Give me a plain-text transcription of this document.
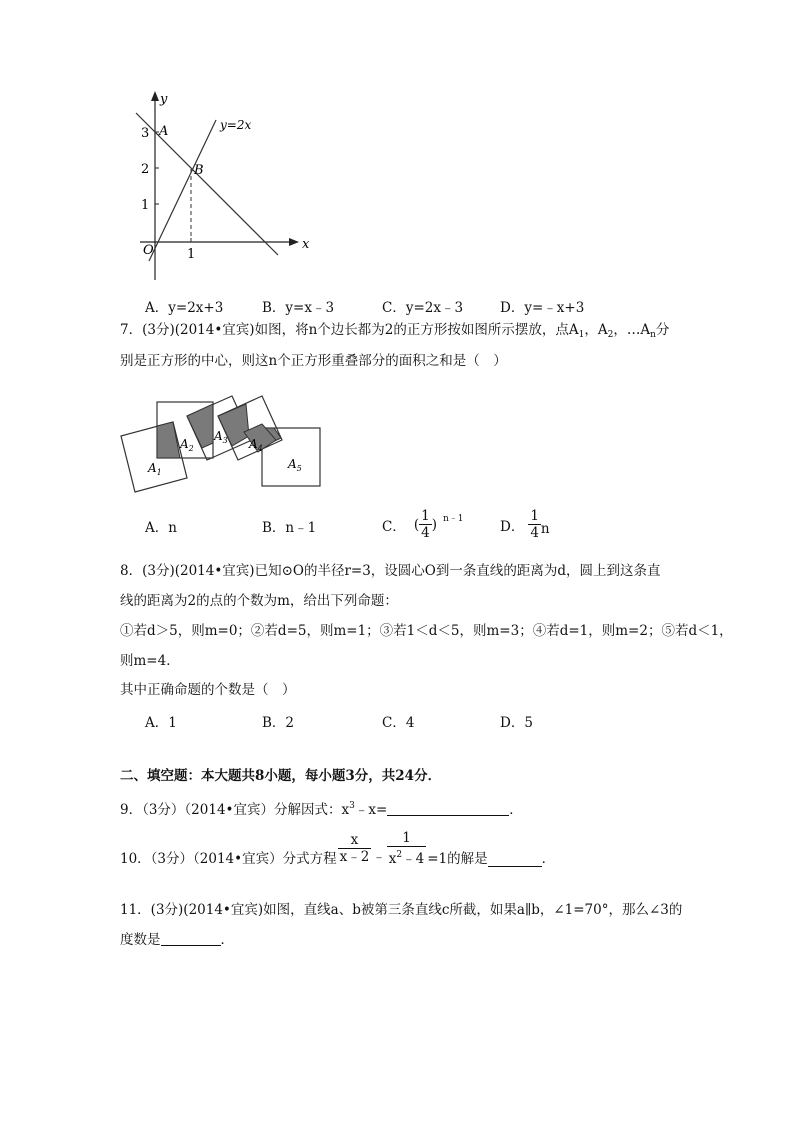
y
x
O
1
2
3
1
A
B
y=2x
A．y=2x+3	B．y=x﹣3	C．y=2x﹣3	D．y=﹣x+3
7．(3分)(2014•宜宾)如图，将n个边长都为2的正方形按如图所示摆放，点$A_1$，$A_2$，$\dots A_n$分
别是正方形的中心，则这n个正方形重叠部分的面积之和是（　）
$A_1$
$A_2$
$A_3$ $A_4$
$A_5$
A．n	B．n﹣1	C． ( $\frac{1}{4}$ ) n﹣1	D． $\frac{1}{4}$ n
8．(3分)(2014•宜宾)已知⊙O的半径r=3，设圆心O到一条直线的距离为d，圆上到这条直
线的距离为2的点的个数为m，给出下列命题：
①若d＞5，则m=0；②若d=5，则m=1；③若1＜d＜5，则m=3；④若d=1，则m=2；⑤若d＜1，
则m=4．
其中正确命题的个数是（　）
A．1	B．2	C．4	D．5
二、填空题：本大题共8小题，每小题3分，共24分．
9．（3分）（2014•宜宾）分解因式：$x^3﹣x=$	．
10．（3分）（2014•宜宾）分式方程 $\frac{x}{x﹣2}$ ﹣ $\frac{1}{x^2﹣4} =1$的解是	．
11．(3分)(2014•宜宾)如图，直线a、b被第三条直线c所截，如果a∥b，∠1=70°，那么∠3的
度数是	．
